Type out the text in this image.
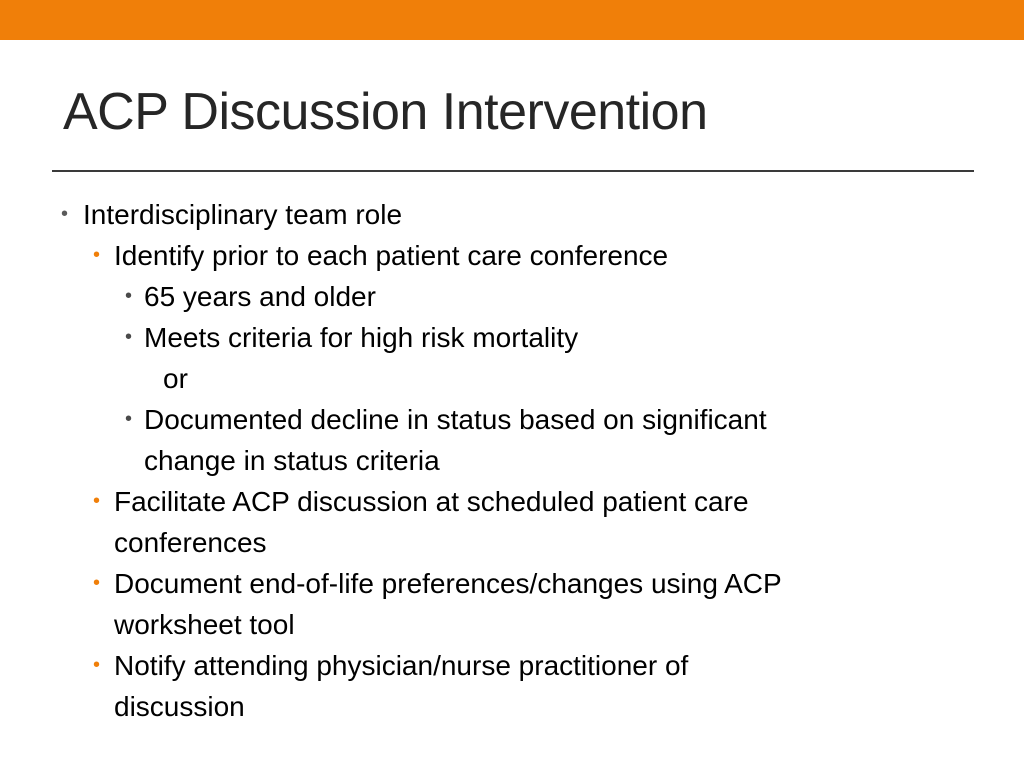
ACP Discussion Intervention
• Interdisciplinary team role
• Identify prior to each patient care conference
• 65 years and older
• Meets criteria for high risk mortality
or
• Documented decline in status based on significant
change in status criteria
• Facilitate ACP discussion at scheduled patient care
conferences
• Document end-of-life preferences/changes using ACP
worksheet tool
• Notify attending physician/nurse practitioner of
discussion
